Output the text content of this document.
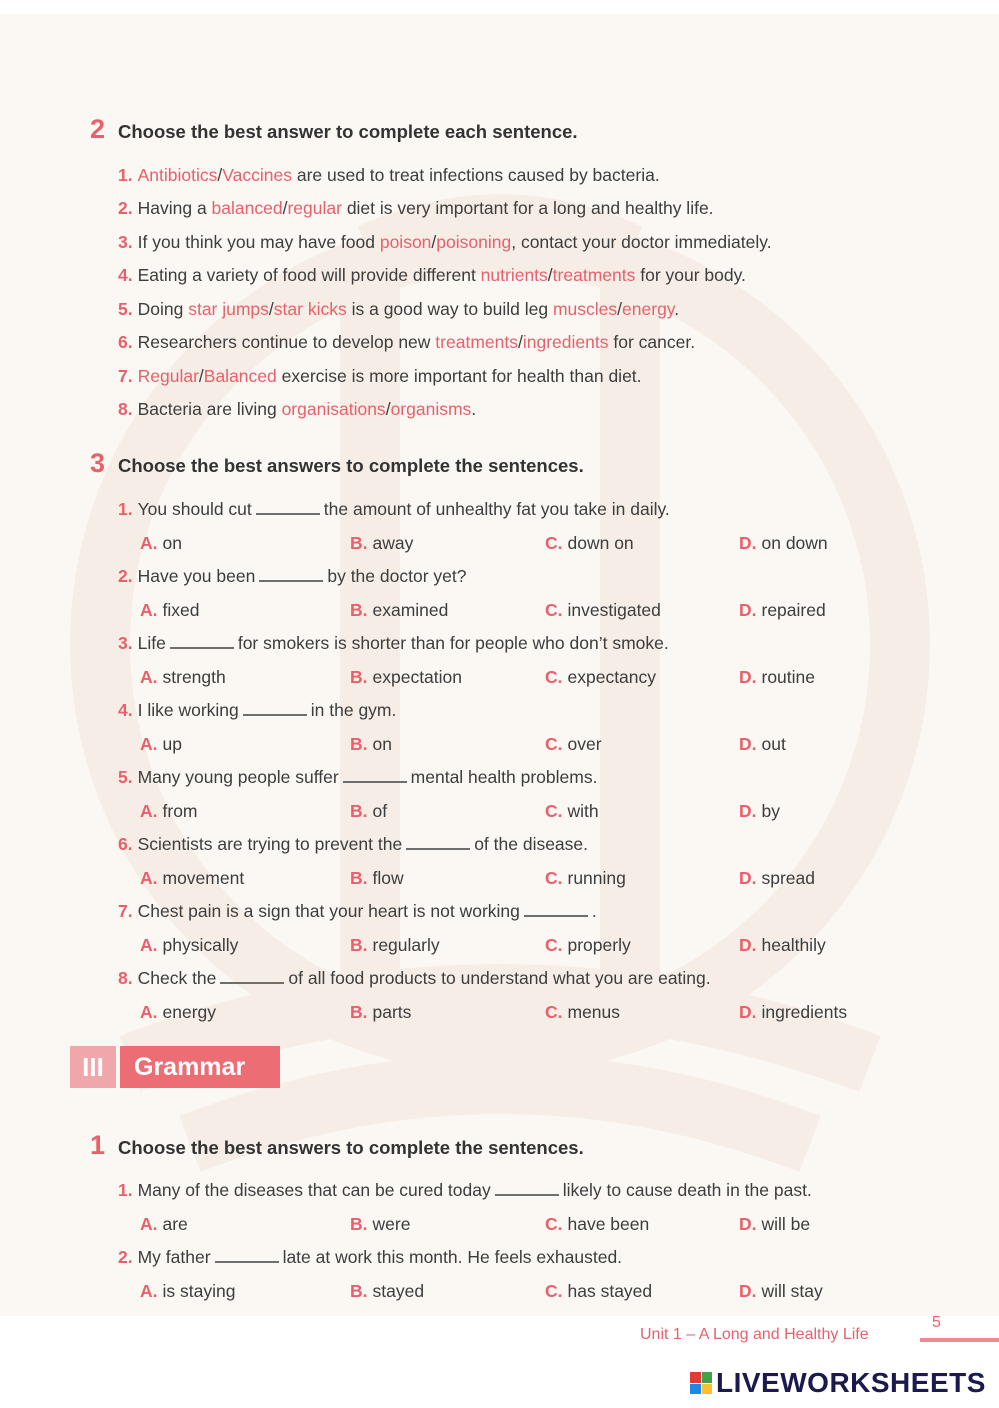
2 Choose the best answer to complete each sentence.
1. Antibiotics/Vaccines are used to treat infections caused by bacteria.
2. Having a balanced/regular diet is very important for a long and healthy life.
3. If you think you may have food poison/poisoning, contact your doctor immediately.
4. Eating a variety of food will provide different nutrients/treatments for your body.
5. Doing star jumps/star kicks is a good way to build leg muscles/energy.
6. Researchers continue to develop new treatments/ingredients for cancer.
7. Regular/Balanced exercise is more important for health than diet.
8. Bacteria are living organisations/organisms.
3 Choose the best answers to complete the sentences.
1. You should cut	the amount of unhealthy fat you take in daily.
A. on	B. away	C. down on	D. on down
2. Have you been	by the doctor yet?
A. fixed	B. examined	C. investigated	D. repaired
3. Life	for smokers is shorter than for people who don’t smoke.
A. strength	B. expectation	C. expectancy	D. routine
4. I like working	in the gym.
A. up	B. on	C. over	D. out
5. Many young people suffer	mental health problems.
A. from	B. of	C. with	D. by
6. Scientists are trying to prevent the	of the disease.
A. movement	B. flow	C. running	D. spread
7. Chest pain is a sign that your heart is not working	.
A. physically	B. regularly	C. properly	D. healthily
8. Check the	of all food products to understand what you are eating.
A. energy	B. parts	C. menus	D. ingredients
1 Choose the best answers to complete the sentences.
1. Many of the diseases that can be cured today	likely to cause death in the past.
A. are	B. were	C. have been	D. will be
2. My father	late at work this month. He feels exhausted.
A. is staying	B. stayed	C. has stayed	D. will stay
III	Grammar
5
Unit 1 – A Long and Healthy Life
LIVEWORKSHEETS
